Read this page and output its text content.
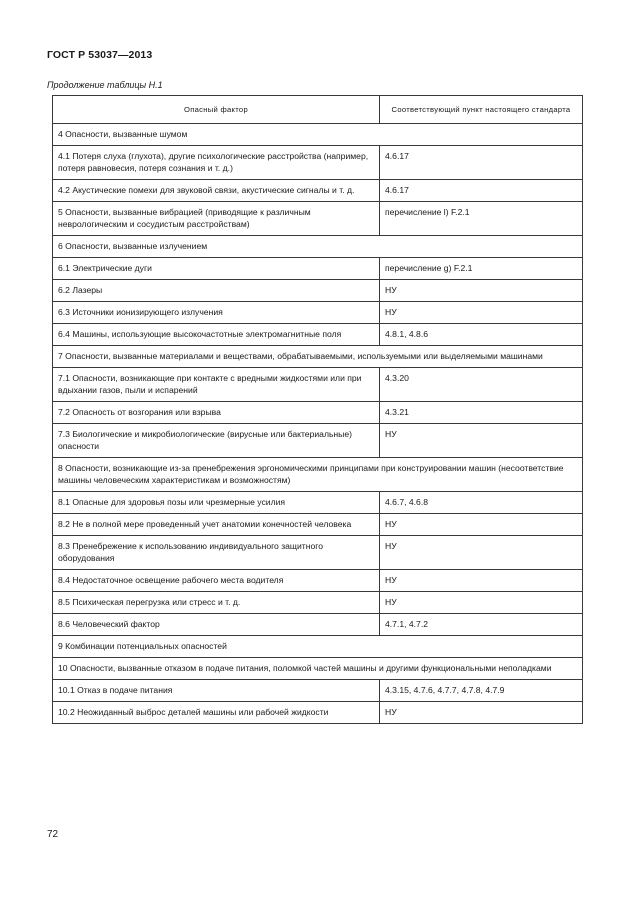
ГОСТ Р 53037—2013
Продолжение таблицы Н.1
Опасный фактор	Соответствующий пункт настоящего стандарта
4 Опасности, вызванные шумом	
4.1 Потеря слуха (глухота), другие психологические расстройства (например, потеря равновесия, потеря сознания и т. д.)	4.6.17
4.2 Акустические помехи для звуковой связи, акустические сигналы и т. д.	4.6.17
5 Опасности, вызванные вибрацией (приводящие к различным неврологическим и сосудистым расстройствам)	перечисление l) F.2.1
6 Опасности, вызванные излучением	
6.1 Электрические дуги	перечисление g) F.2.1
6.2 Лазеры	НУ
6.3 Источники ионизирующего излучения	НУ
6.4 Машины, использующие высокочастотные электромагнитные поля	4.8.1, 4.8.6
7 Опасности, вызванные материалами и веществами, обрабатываемыми, используемыми или выделяемыми машинами	
7.1 Опасности, возникающие при контакте с вредными жидкостями или при вдыхании газов, пыли и испарений	4.3.20
7.2 Опасность от возгорания или взрыва	4.3.21
7.3 Биологические и микробиологические (вирусные или бактериальные) опасности	НУ
8 Опасности, возникающие из-за пренебрежения эргономическими принципами при конструировании машин (несоответствие машины человеческим характеристикам и возможностям)	
8.1 Опасные для здоровья позы или чрезмерные усилия	4.6.7, 4.6.8
8.2 Не в полной мере проведенный учет анатомии конечностей человека	НУ
8.3 Пренебрежение к использованию индивидуального защитного оборудования	НУ
8.4 Недостаточное освещение рабочего места водителя	НУ
8.5 Психическая перегрузка или стресс и т. д.	НУ
8.6 Человеческий фактор	4.7.1, 4.7.2
9 Комбинации потенциальных опасностей	
10 Опасности, вызванные отказом в подаче питания, поломкой частей машины и другими функциональными неполадками	
10.1 Отказ в подаче питания	4.3.15, 4.7.6, 4.7.7, 4.7.8, 4.7.9
10.2 Неожиданный выброс деталей машины или рабочей жидкости	НУ
72
